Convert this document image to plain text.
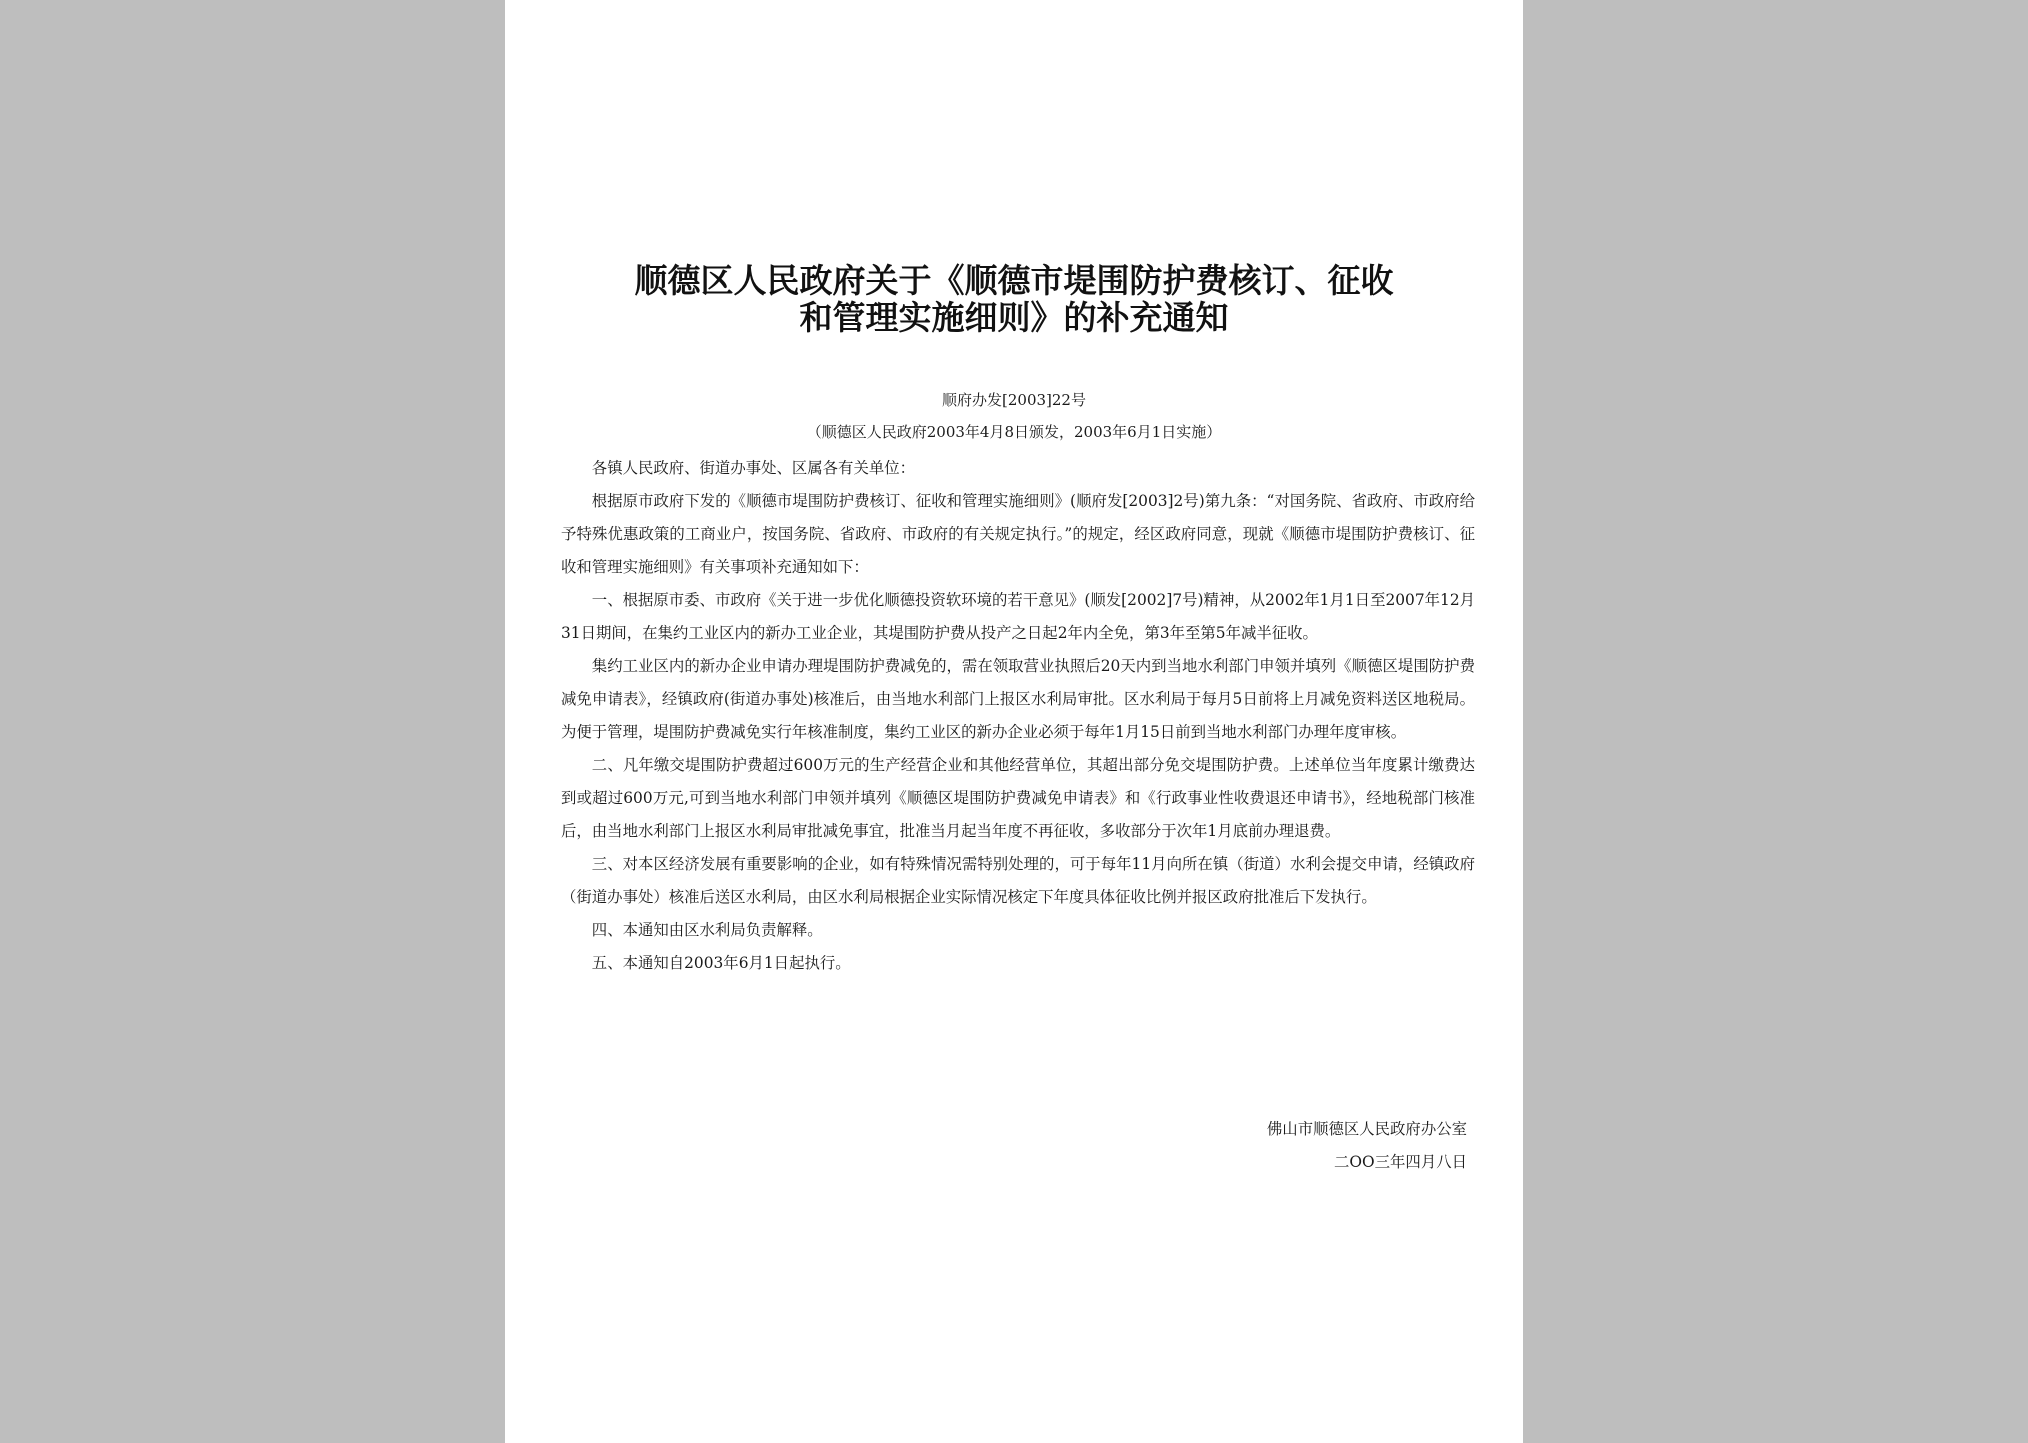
顺德区人民政府关于《顺德市堤围防护费核订、征收
和管理实施细则》的补充通知
顺府办发[2003]22号
（顺德区人民政府2003年4月8日颁发，2003年6月1日实施）

各镇人民政府、街道办事处、区属各有关单位：

根据原市政府下发的《顺德市堤围防护费核订、征收和管理实施细则》(顺府发[2003]2号)第九条：“对国务院、省政府、市政府给予特殊优惠政策的工商业户，按国务院、省政府、市政府的有关规定执行。”的规定，经区政府同意，现就《顺德市堤围防护费核订、征收和管理实施细则》有关事项补充通知如下：

一、根据原市委、市政府《关于进一步优化顺德投资软环境的若干意见》(顺发[2002]7号)精神，从2002年1月1日至2007年12月31日期间，在集约工业区内的新办工业企业，其堤围防护费从投产之日起2年内全免，第3年至第5年减半征收。

集约工业区内的新办企业申请办理堤围防护费减免的，需在领取营业执照后20天内到当地水利部门申领并填列《顺德区堤围防护费减免申请表》，经镇政府(街道办事处)核准后，由当地水利部门上报区水利局审批。区水利局于每月5日前将上月减免资料送区地税局。为便于管理，堤围防护费减免实行年核准制度，集约工业区的新办企业必须于每年1月15日前到当地水利部门办理年度审核。

二、凡年缴交堤围防护费超过600万元的生产经营企业和其他经营单位，其超出部分免交堤围防护费。上述单位当年度累计缴费达到或超过600万元,可到当地水利部门申领并填列《顺德区堤围防护费减免申请表》和《行政事业性收费退还申请书》，经地税部门核准后，由当地水利部门上报区水利局审批减免事宜，批准当月起当年度不再征收，多收部分于次年1月底前办理退费。

三、对本区经济发展有重要影响的企业，如有特殊情况需特别处理的，可于每年11月向所在镇（街道）水利会提交申请，经镇政府（街道办事处）核准后送区水利局，由区水利局根据企业实际情况核定下年度具体征收比例并报区政府批准后下发执行。

四、本通知由区水利局负责解释。

五、本通知自2003年6月1日起执行。

佛山市顺德区人民政府办公室
二OO三年四月八日
